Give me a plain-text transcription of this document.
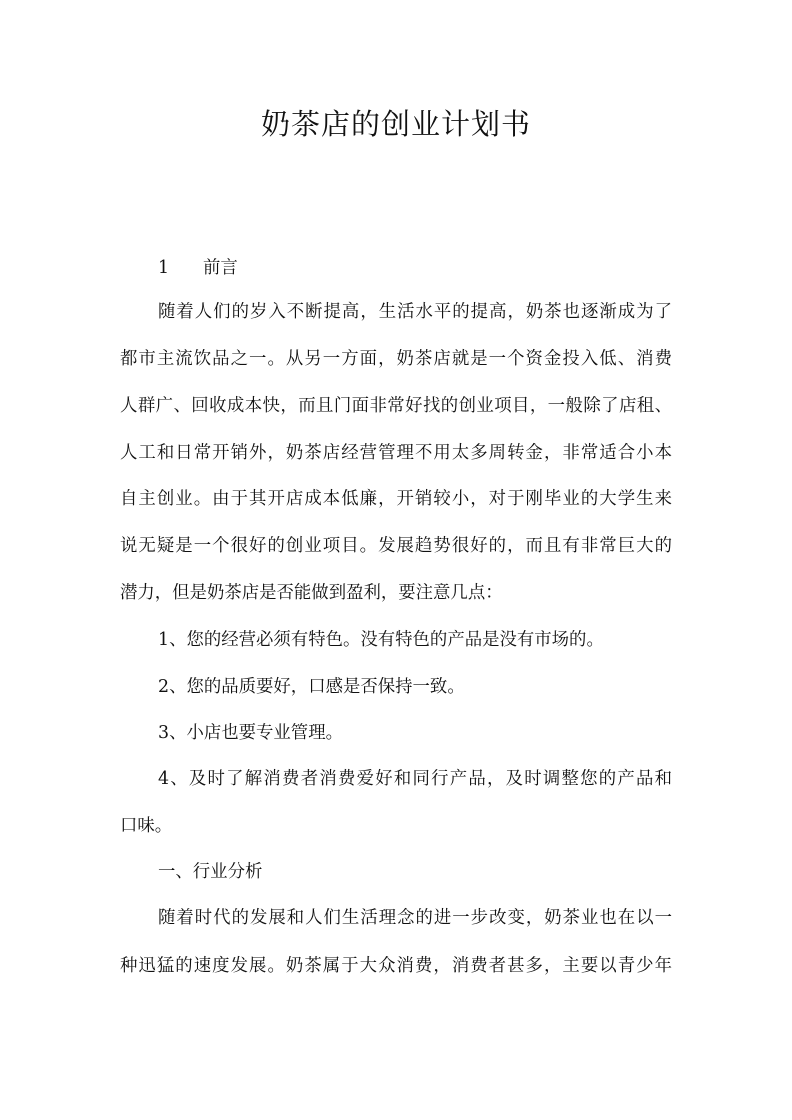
奶茶店的创业计划书
1 前言
随着人们的岁入不断提高，生活水平的提高，奶茶也逐渐成为了
都市主流饮品之一。从另一方面，奶茶店就是一个资金投入低、消费
人群广、回收成本快，而且门面非常好找的创业项目，一般除了店租、
人工和日常开销外，奶茶店经营管理不用太多周转金，非常适合小本
自主创业。由于其开店成本低廉，开销较小，对于刚毕业的大学生来
说无疑是一个很好的创业项目。发展趋势很好的，而且有非常巨大的
潜力，但是奶茶店是否能做到盈利，要注意几点：
1、您的经营必须有特色。没有特色的产品是没有市场的。
2、您的品质要好，口感是否保持一致。
3、小店也要专业管理。
4、及时了解消费者消费爱好和同行产品，及时调整您的产品和
口味。
一、行业分析
随着时代的发展和人们生活理念的进一步改变，奶茶业也在以一
种迅猛的速度发展。奶茶属于大众消费，消费者甚多，主要以青少年
